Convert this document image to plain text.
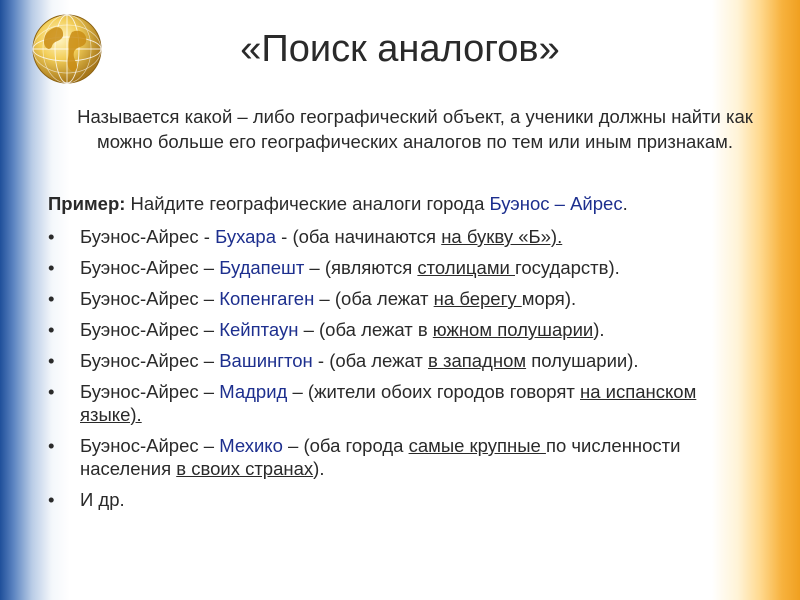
«Поиск аналогов»
Называется какой – либо географический объект, а ученики должны найти как можно больше его географических аналогов по тем или иным признакам.
Пример: Найдите географические аналоги города Буэнос – Айрес.
• Буэнос-Айрес - Бухара - (оба начинаются на букву «Б»).
• Буэнос-Айрес – Будапешт – (являются столицами государств).
• Буэнос-Айрес – Копенгаген – (оба лежат на берегу моря).
• Буэнос-Айрес – Кейптаун – (оба лежат в южном полушарии).
• Буэнос-Айрес – Вашингтон - (оба лежат в западном полушарии).
• Буэнос-Айрес – Мадрид – (жители обоих городов говорят на испанском языке).
• Буэнос-Айрес – Мехико – (оба города самые крупные по численности населения в своих странах).
• И др.
